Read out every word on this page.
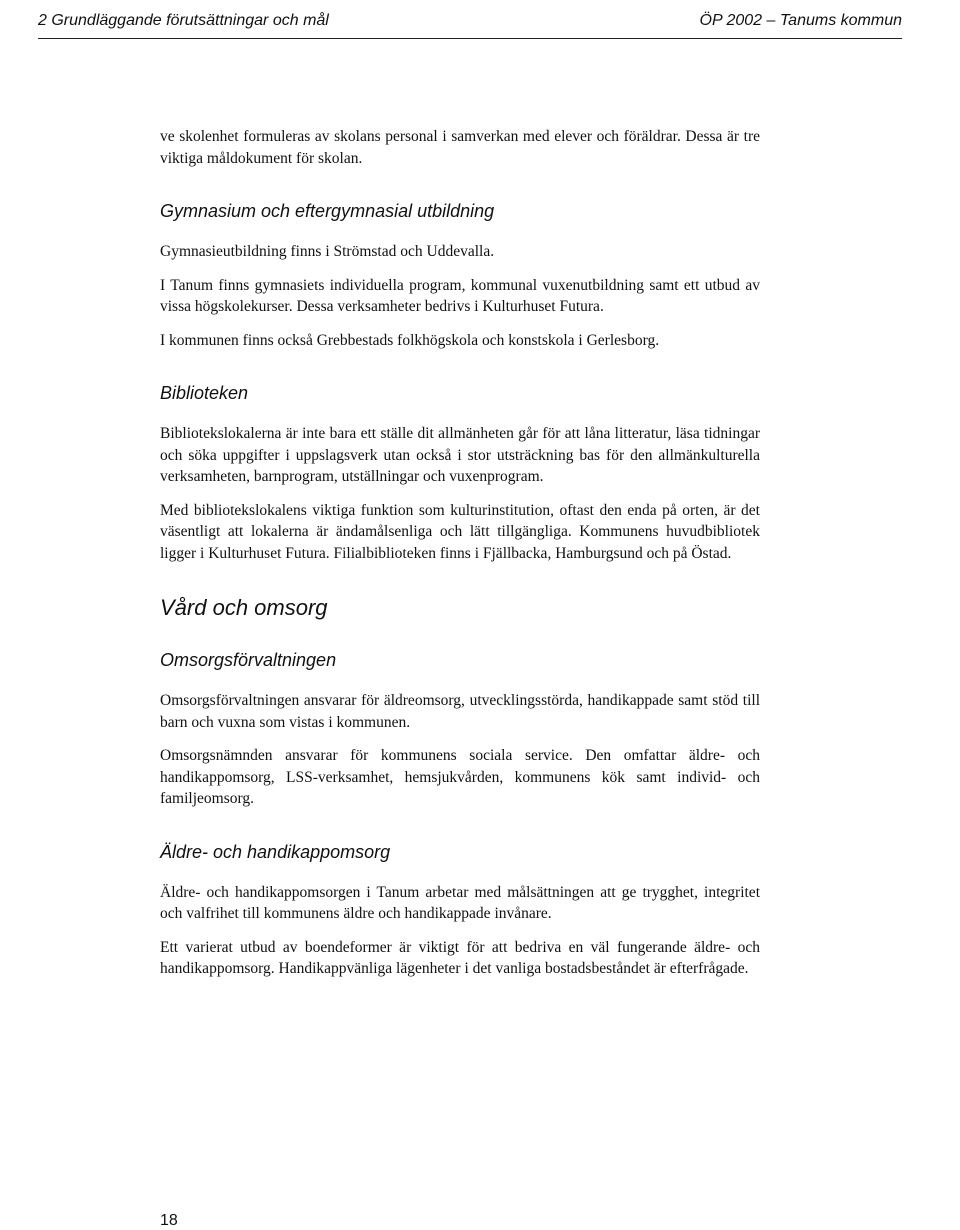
2 Grundläggande förutsättningar och mål	ÖP 2002 – Tanums kommun

ve skolenhet formuleras av skolans personal i samverkan med elever och föräldrar. Dessa är tre viktiga måldokument för skolan.

Gymnasium och eftergymnasial utbildning

Gymnasieutbildning finns i Strömstad och Uddevalla.

I Tanum finns gymnasiets individuella program, kommunal vuxenutbildning samt ett utbud av vissa högskolekurser. Dessa verksamheter bedrivs i Kulturhuset Futura.

I kommunen finns också Grebbestads folkhögskola och konstskola i Gerlesborg.

Biblioteken

Bibliotekslokalerna är inte bara ett ställe dit allmänheten går för att låna litteratur, läsa tidningar och söka uppgifter i uppslagsverk utan också i stor utsträckning bas för den allmänkulturella verksamheten, barnprogram, utställningar och vuxenprogram.

Med bibliotekslokalens viktiga funktion som kulturinstitution, oftast den enda på orten, är det väsentligt att lokalerna är ändamålsenliga och lätt tillgängliga. Kommunens huvudbibliotek ligger i Kulturhuset Futura. Filialbiblioteken finns i Fjällbacka, Hamburgsund och på Östad.

Vård och omsorg
Omsorgsförvaltningen

Omsorgsförvaltningen ansvarar för äldreomsorg, utvecklingsstörda, handikappade samt stöd till barn och vuxna som vistas i kommunen.

Omsorgsnämnden ansvarar för kommunens sociala service. Den omfattar äldre- och handikappomsorg, LSS-verksamhet, hemsjukvården, kommunens kök samt individ- och familjeomsorg.

Äldre- och handikappomsorg

Äldre- och handikappomsorgen i Tanum arbetar med målsättningen att ge trygghet, integritet och valfrihet till kommunens äldre och handikappade invånare.

Ett varierat utbud av boendeformer är viktigt för att bedriva en väl fungerande äldre- och handikappomsorg. Handikappvänliga lägenheter i det vanliga bostadsbeståndet är efterfrågade.

18
